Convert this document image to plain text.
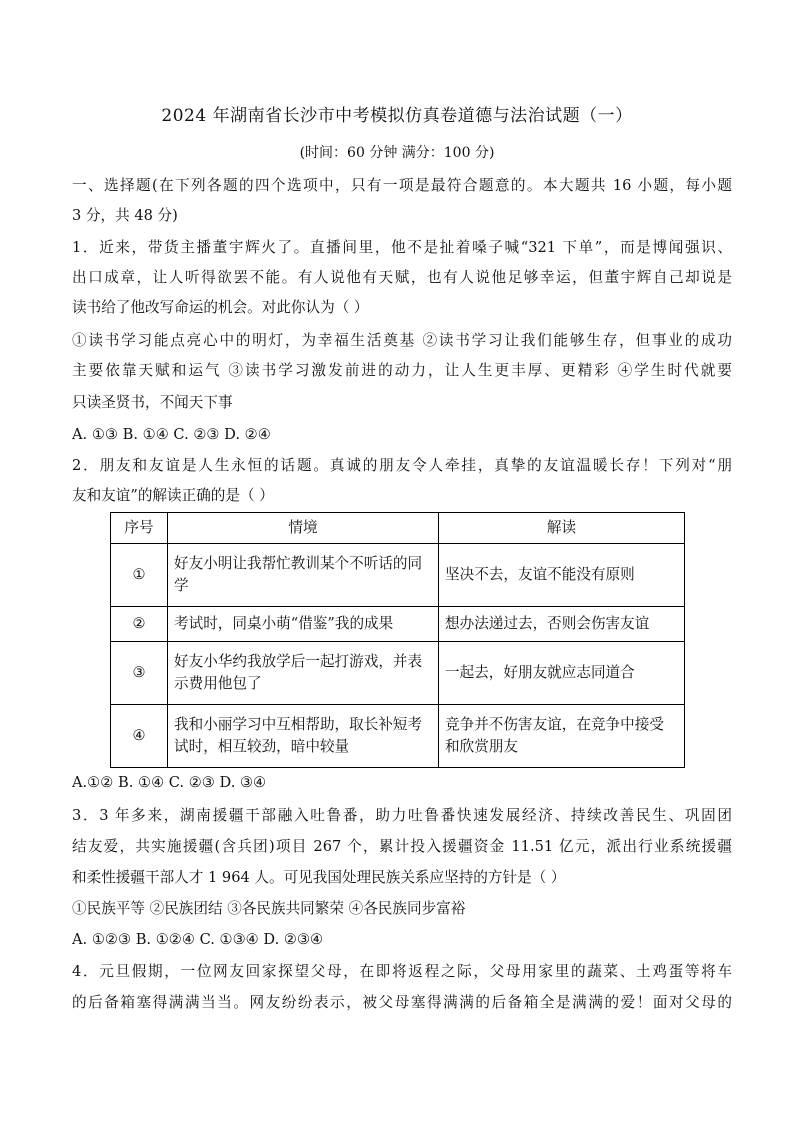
2024 年湖南省长沙市中考模拟仿真卷道德与法治试题（一）
(时间：60 分钟 满分：100 分)
一、选择题(在下列各题的四个选项中，只有一项是最符合题意的。本大题共 16 小题，每小题
3 分，共 48 分)
1．近来，带货主播董宇辉火了。直播间里，他不是扯着嗓子喊“321 下单”，而是博闻强识、
出口成章，让人听得欲罢不能。有人说他有天赋，也有人说他足够幸运，但董宇辉自己却说是
读书给了他改写命运的机会。对此你认为（ ）
①读书学习能点亮心中的明灯，为幸福生活奠基 ②读书学习让我们能够生存，但事业的成功
主要依靠天赋和运气 ③读书学习激发前进的动力，让人生更丰厚、更精彩 ④学生时代就要
只读圣贤书，不闻天下事
A. ①③ B. ①④ C. ②③ D. ②④
2．朋友和友谊是人生永恒的话题。真诚的朋友令人牵挂，真挚的友谊温暖长存！下列对“朋
友和友谊”的解读正确的是（ ）
序号	情境	解读
①	好友小明让我帮忙教训某个不听话的同学	坚决不去，友谊不能没有原则
②	考试时，同桌小萌“借鉴”我的成果	想办法递过去，否则会伤害友谊
③	好友小华约我放学后一起打游戏，并表示费用他包了	一起去，好朋友就应志同道合
④	我和小丽学习中互相帮助，取长补短考试时，相互较劲，暗中较量	竞争并不伤害友谊，在竞争中接受和欣赏朋友
A.①② B. ①④ C. ②③ D. ③④
3．3 年多来，湖南援疆干部融入吐鲁番，助力吐鲁番快速发展经济、持续改善民生、巩固团
结友爱，共实施援疆(含兵团)项目 267 个，累计投入援疆资金 11.51 亿元，派出行业系统援疆
和柔性援疆干部人才 1 964 人。可见我国处理民族关系应坚持的方针是（ ）
①民族平等 ②民族团结 ③各民族共同繁荣 ④各民族同步富裕
A. ①②③ B. ①②④ C. ①③④ D. ②③④
4．元旦假期，一位网友回家探望父母，在即将返程之际，父母用家里的蔬菜、土鸡蛋等将车
的后备箱塞得满满当当。网友纷纷表示，被父母塞得满满的后备箱全是满满的爱！面对父母的
